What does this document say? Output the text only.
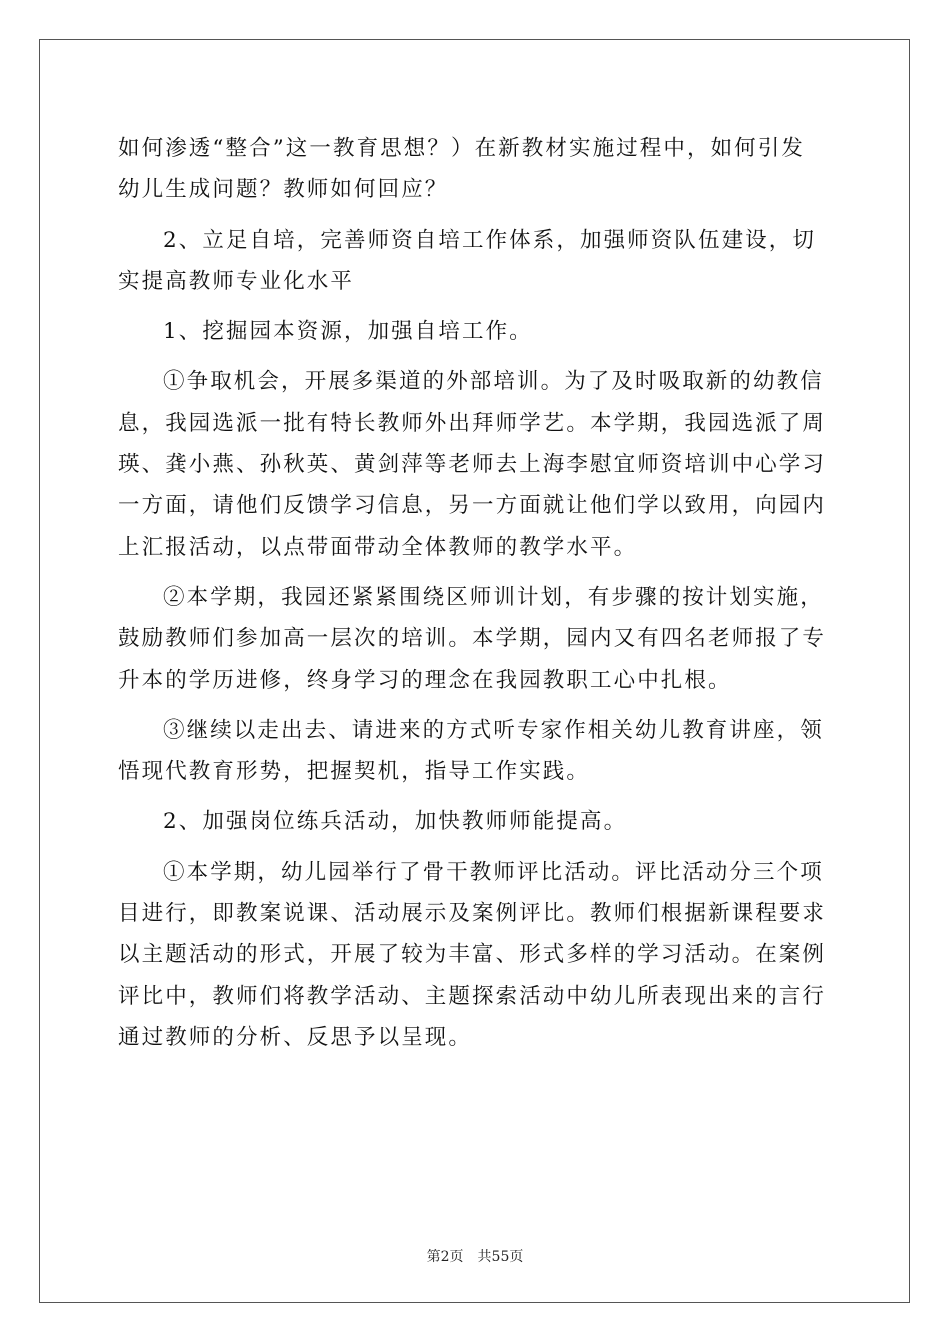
如何渗透“整合”这一教育思想？）在新教材实施过程中，如何引发
幼儿生成问题？教师如何回应？
2、立足自培，完善师资自培工作体系，加强师资队伍建设，切
实提高教师专业化水平
1、挖掘园本资源，加强自培工作。
①争取机会，开展多渠道的外部培训。为了及时吸取新的幼教信
息，我园选派一批有特长教师外出拜师学艺。本学期，我园选派了周
瑛、龚小燕、孙秋英、黄剑萍等老师去上海李慰宜师资培训中心学习
一方面，请他们反馈学习信息，另一方面就让他们学以致用，向园内
上汇报活动，以点带面带动全体教师的教学水平。
②本学期，我园还紧紧围绕区师训计划，有步骤的按计划实施，
鼓励教师们参加高一层次的培训。本学期，园内又有四名老师报了专
升本的学历进修，终身学习的理念在我园教职工心中扎根。
③继续以走出去、请进来的方式听专家作相关幼儿教育讲座，领
悟现代教育形势，把握契机，指导工作实践。
2、加强岗位练兵活动，加快教师师能提高。
①本学期，幼儿园举行了骨干教师评比活动。评比活动分三个项
目进行，即教案说课、活动展示及案例评比。教师们根据新课程要求
以主题活动的形式，开展了较为丰富、形式多样的学习活动。在案例
评比中，教师们将教学活动、主题探索活动中幼儿所表现出来的言行
通过教师的分析、反思予以呈现。
第2页 共55页
